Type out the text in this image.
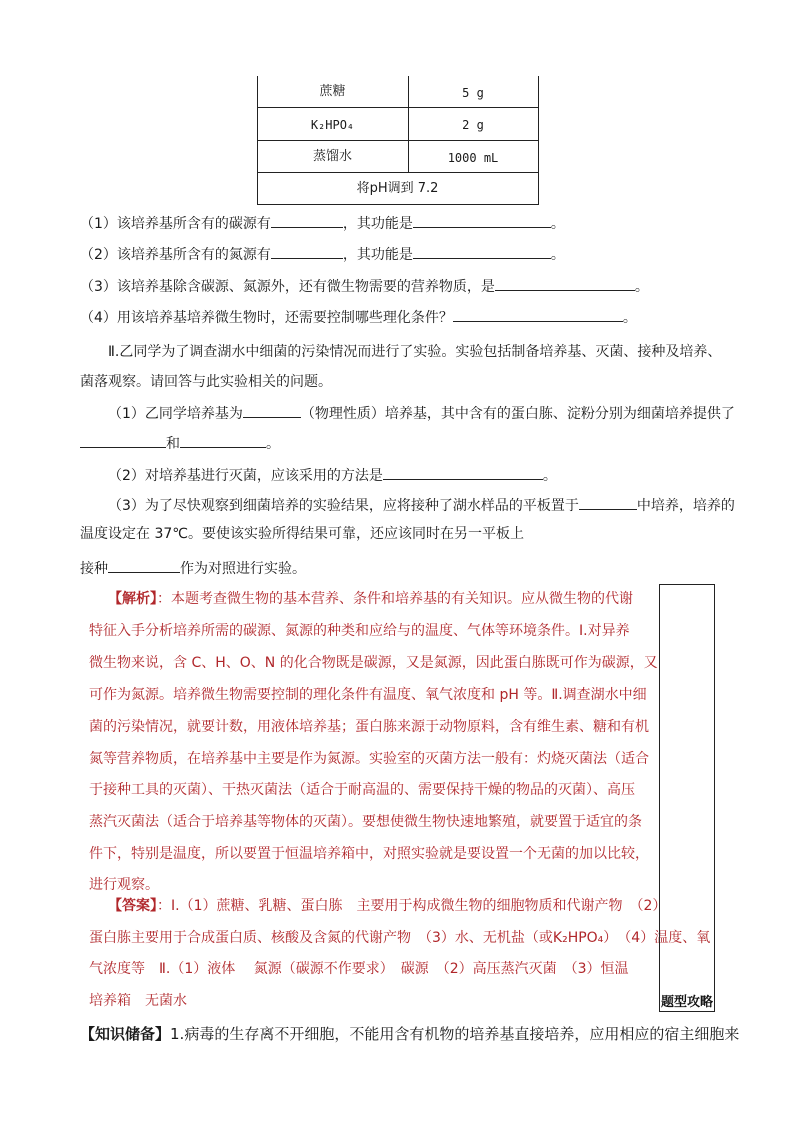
蔗糖	5 g
K₂HPO₄	2 g
蒸馏水	1000 mL
将pH调到 7.2
（1）该培养基所含有的碳源有	，其功能是	。
（2）该培养基所含有的氮源有	，其功能是	。
（3）该培养基除含碳源、氮源外，还有微生物需要的营养物质，是	。
（4）用该培养基培养微生物时，还需要控制哪些理化条件？	。
Ⅱ.乙同学为了调查湖水中细菌的污染情况而进行了实验。实验包括制备培养基、灭菌、接种及培养、
菌落观察。请回答与此实验相关的问题。
（1）乙同学培养基为	（物理性质）培养基，其中含有的蛋白胨、淀粉分别为细菌培养提供了
和	。
（2）对培养基进行灭菌，应该采用的方法是	。
（3）为了尽快观察到细菌培养的实验结果，应将接种了湖水样品的平板置于	中培养，培养的
温度设定在 37℃。要使该实验所得结果可靠，还应该同时在另一平板上
接种	作为对照进行实验。
【解析】：本题考查微生物的基本营养、条件和培养基的有关知识。应从微生物的代谢
特征入手分析培养所需的碳源、氮源的种类和应给与的温度、气体等环境条件。Ⅰ.对异养
微生物来说，含 C、H、O、N 的化合物既是碳源，又是氮源，因此蛋白胨既可作为碳源，又
可作为氮源。培养微生物需要控制的理化条件有温度、氧气浓度和 pH 等。Ⅱ.调查湖水中细
菌的污染情况，就要计数，用液体培养基；蛋白胨来源于动物原料，含有维生素、糖和有机
氮等营养物质，在培养基中主要是作为氮源。实验室的灭菌方法一般有：灼烧灭菌法（适合
于接种工具的灭菌）、干热灭菌法（适合于耐高温的、需要保持干燥的物品的灭菌）、高压
蒸汽灭菌法（适合于培养基等物体的灭菌）。要想使微生物快速地繁殖，就要置于适宜的条
件下，特别是温度，所以要置于恒温培养箱中，对照实验就是要设置一个无菌的加以比较，
进行观察。
【答案】：Ⅰ.（1）蔗糖、乳糖、蛋白胨　主要用于构成微生物的细胞物质和代谢产物　（2）
蛋白胨主要用于合成蛋白质、核酸及含氮的代谢产物　（3）水、无机盐（或K₂HPO₄）　（4）温度、氧
气浓度等　Ⅱ.（1）液体　 氮源（碳源不作要求）　碳源　（2）高压蒸汽灭菌　（3）恒温
培养箱　无菌水	题型攻略
【知识储备】1.病毒的生存离不开细胞，不能用含有机物的培养基直接培养，应用相应的宿主细胞来
